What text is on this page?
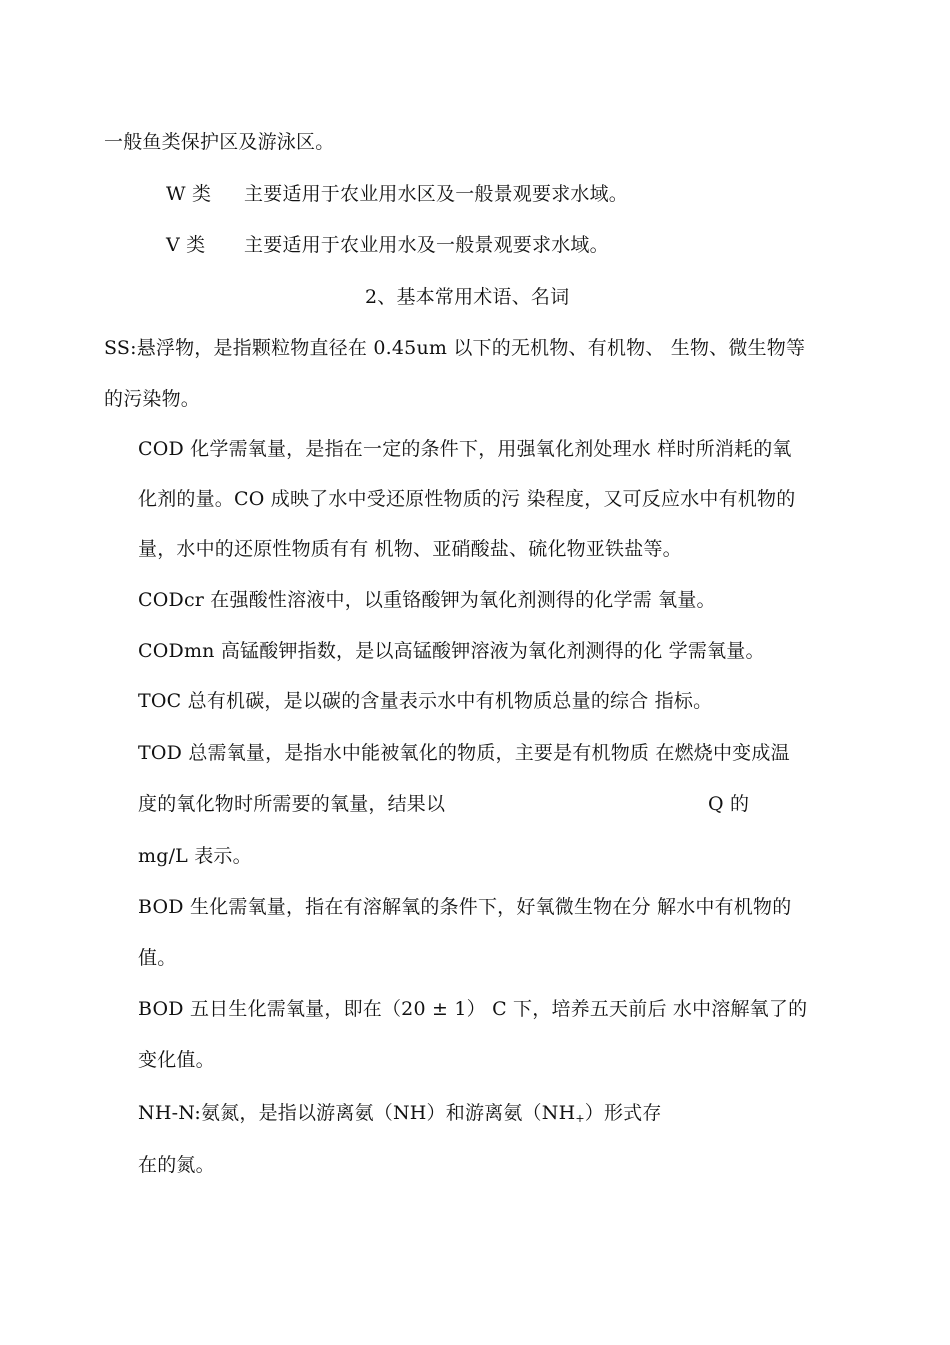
一般鱼类保护区及游泳区。
W 类 主要适用于农业用水区及一般景观要求水域。
V 类 主要适用于农业用水及一般景观要求水域。
2、基本常用术语、名词
SS:悬浮物，是指颗粒物直径在 0.45um 以下的无机物、有机物、 生物、微生物等
的污染物。
COD 化学需氧量，是指在一定的条件下，用强氧化剂处理水 样时所消耗的氧
化剂的量。CO 成映了水中受还原性物质的污 染程度，又可反应水中有机物的
量，水中的还原性物质有有 机物、亚硝酸盐、硫化物亚铁盐等。
CODcr 在强酸性溶液中，以重铬酸钾为氧化剂测得的化学需 氧量。
CODmn 高锰酸钾指数，是以高锰酸钾溶液为氧化剂测得的化 学需氧量。
TOC 总有机碳，是以碳的含量表示水中有机物质总量的综合 指标。
TOD 总需氧量，是指水中能被氧化的物质，主要是有机物质 在燃烧中变成温
度的氧化物时所需要的氧量，结果以	Q 的
mg/L 表示。
BOD 生化需氧量，指在有溶解氧的条件下，好氧微生物在分 解水中有机物的
值。
BOD 五日生化需氧量，即在（20 ± 1） C 下，培养五天前后 水中溶解氧了的
变化值。
NH-N:氨氮，是指以游离氨（NH）和游离氨$(NH_+)$形式存
在的氮。
